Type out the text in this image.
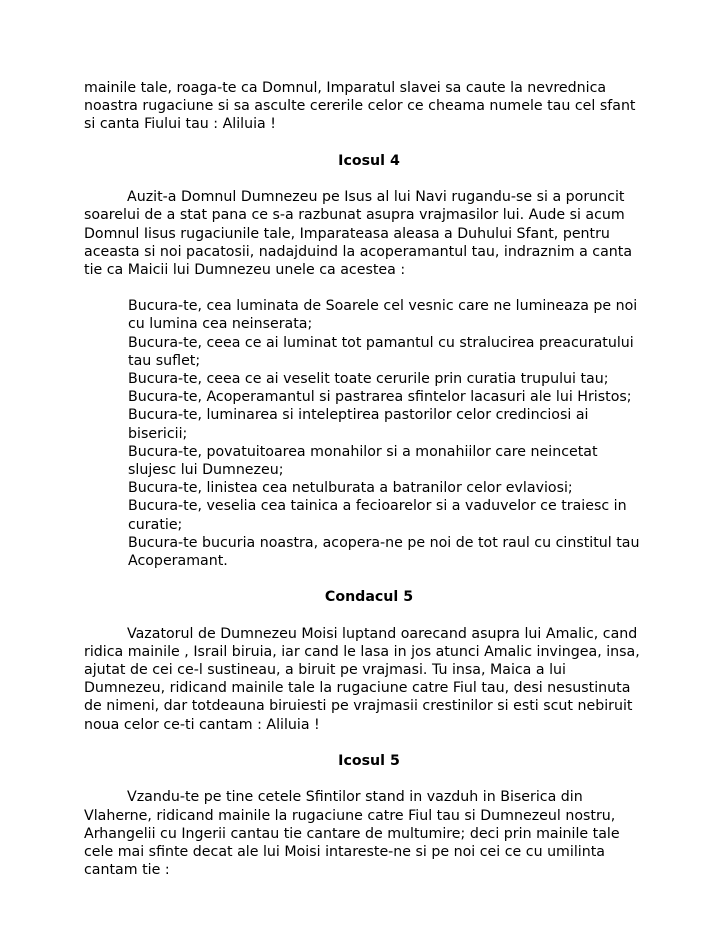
mainile tale, roaga-te ca Domnul, Imparatul slavei sa caute la nevrednica
noastra rugaciune si sa asculte cererile celor ce cheama numele tau cel sfant
si canta Fiului tau : Aliluia !
Icosul 4
Auzit-a Domnul Dumnezeu pe Isus al lui Navi rugandu-se si a poruncit
soarelui de a stat pana ce s-a razbunat asupra vrajmasilor lui. Aude si acum
Domnul Iisus rugaciunile tale, Imparateasa aleasa a Duhului Sfant, pentru
aceasta si noi pacatosii, nadajduind la acoperamantul tau, indraznim a canta
tie ca Maicii lui Dumnezeu unele ca acestea :
Bucura-te, cea luminata de Soarele cel vesnic care ne lumineaza pe noi
cu lumina cea neinserata;
Bucura-te, ceea ce ai luminat tot pamantul cu stralucirea preacuratului
tau suflet;
Bucura-te, ceea ce ai veselit toate cerurile prin curatia trupului tau;
Bucura-te, Acoperamantul si pastrarea sfintelor lacasuri ale lui Hristos;
Bucura-te, luminarea si inteleptirea pastorilor celor credinciosi ai
bisericii;
Bucura-te, povatuitoarea monahilor si a monahiilor care neincetat
slujesc lui Dumnezeu;
Bucura-te, linistea cea netulburata a batranilor celor evlaviosi;
Bucura-te, veselia cea tainica a fecioarelor si a vaduvelor ce traiesc in
curatie;
Bucura-te bucuria noastra, acopera-ne pe noi de tot raul cu cinstitul tau
Acoperamant.
Condacul 5
Vazatorul de Dumnezeu Moisi luptand oarecand asupra lui Amalic, cand
ridica mainile , Israil biruia, iar cand le lasa in jos atunci Amalic invingea, insa,
ajutat de cei ce-l sustineau, a biruit pe vrajmasi. Tu insa, Maica a lui
Dumnezeu, ridicand mainile tale la rugaciune catre Fiul tau, desi nesustinuta
de nimeni, dar totdeauna biruiesti pe vrajmasii crestinilor si esti scut nebiruit
noua celor ce-ti cantam : Aliluia !
Icosul 5
Vzandu-te pe tine cetele Sfintilor stand in vazduh in Biserica din
Vlaherne, ridicand mainile la rugaciune catre Fiul tau si Dumnezeul nostru,
Arhangelii cu Ingerii cantau tie cantare de multumire; deci prin mainile tale
cele mai sfinte decat ale lui Moisi intareste-ne si pe noi cei ce cu umilinta
cantam tie :
